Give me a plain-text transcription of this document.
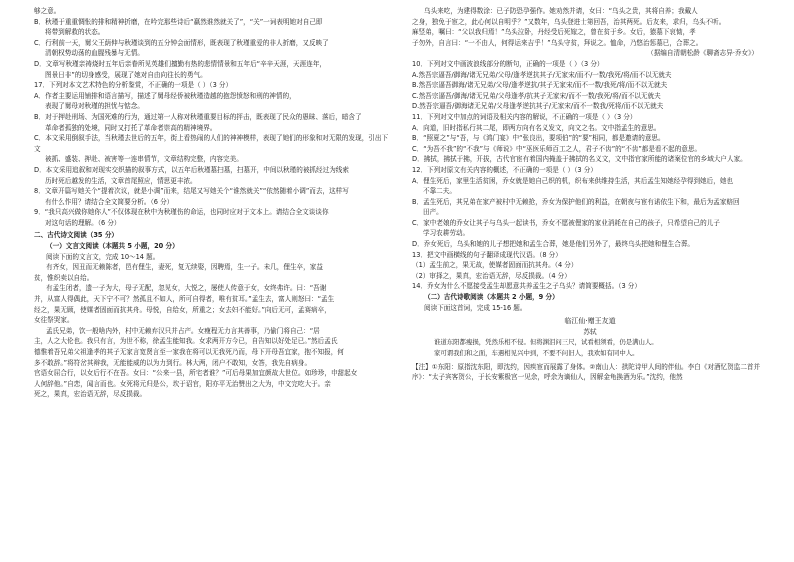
够之意。
B．秋瑾于重重惆怅的排和精神折磨，在吟完那些诗后“羸然谁然就关了”，“关”一词表明她对自己即
将带到解救的状态。
C．行利前一天，舅父王荫伸与秋瑾谈到的五分钟会面情形，既表现了秋瑾重爱的非人折磨，又反映了
清朝权势动荡的血腥残暴与无情。
D．文章写秋瑾亲祷烧时五年后亲眷所见英雄们擅勤有热的悲情情景和五年后“辛辛天涯，天涯连年，
图景日非”的切身感受，展现了她对自由向往长的勇气。
17．下列对本文艺术特色的分析鉴赏，不正确的一项是（ ）（3 分）
A．作者主要运用铺排和语言描写，描述了舅母经侨被秋瑾造越的抱怨愤怒和刑的神情的，
表现了舅母对秋瑾的担忧与惦念。
B．对于押赴刑场、为国死难的行为，通过第一人称对秋瑾重要目标的抨击，既表现了民众的愚昧、落后，暗含了
革命者孤独的处境，同时又打托了革命者崇高的精神境界。
C．本文采用倒叙手法，当秋瑾去世后的五年，街上看热闹的人们的神神模样，表现了她们的形象和对无限的发现，引出下文
被抓、盛装、押赴、被害等一连串情节，文章结构完整，内容完美。
D．本文采用追叙和对现实交织描的叙事方式，以五年后秋瑾墓扫墓，扫墓开，中间以秋瑾的被抓经过为线索
历时死后越发的生活，文章首尾照应，情思更丰浓。
8．文章开篇写她关个“提着次议，就是小调”而来，结尾又写她关个“谁然就关”“依然随着小调”而去，这样写
有什么作用？请结合全文简要分析。（6 分）
9．“我只高兴做你她你人”不仅体现在秋中为秋瑾伤的命运，也同时应对于文本上。请结合全文谈谈你
对这句话的理解。（6 分）
二、古代诗文阅读（35 分）
（一）文言文阅读（本题共 5 小题，20 分）
阅读下面的文言文，完成 10～14 题。
有齐女，因丑而无赖陈者，邑有俚生，妻死，复无续娶，因聘焉，生一子。未几，俚生卒，家益
贫，惟织卖以自给。
有孟生闭者，遗一子为大，母子无配，忽见女，大悦之，屡使人传意于女，女终弗许。曰：“吾谢
并，从富人得偶此，天下宁不可？然孤且不如人，所可自得者，唯有贫耳。”孟生去，富人则怒曰：“孟生
经之，果无顾，使媒者固面而抗其舟。母悦，自给女，所重之；女去妇不能好。”向后无可，孟赛病卒，
女往祭哭家。
孟氏兄弟，饮一般啥内外，村中无赖弃汉只并占产。女瘦程无力言其善事，乃偷门将自己：“居
主，人之大伦也。我只有言，为世不称，徐孟生能知我。女求两开方今已，自告知以好处足已。”然后孟氏
德惟着吾兄弟父祖逢孝的其子无家言宽贤言至一家我在将可以无我死乃而，母下开母吾宜家，抱不知报，何
多不敢辞。”将符岔其辩我，无能能威的以为力到行。林大两，闭户不敢知，女答，我先自病身。
官语女屈合行，以女后行不在吾。女曰：“公来一县，所宅者谁？”可后母果加宜颜故大世位。如珍珍，申甜起女
人何辞他。”自恋，闻言而也。女死将元归是公，坎于诏官，阳亦平无治赞出之大为，中文完吃大于。亲
死之，果真，宏治语无辞，尽反损裁。
乌头来吃，为建得数涂：已子防恐孕强作。她劝然并请，女曰：“乌头之贵，其将自养；我戴人
之身，独免于宦之，此心何以自明乎？”又数年，乌头登进士第回吾，治其两死。后友来，求归，乌头不听。
麻竖弟，嘱曰：“父以我归焉！”乌头泣卧，丹经受后死嫁之，曾在贫于乡。女后，猿墓下哀恸，孝
子勿外，自言曰：“一不由人，何得运来吉乎！”乌头守贫，拜说之。恤命，乃悠治惩墓已，合葬之。
（据编自清朝松龄《聊斋志异·乔女》）
10．下列对文中画波浪线部分的断句，正确的一项是（ ）（3 分）
A.然吾宗逼吾/御海/诸无兄弟/父母/逢孝逆抗其子/无家宋/而不/一数/我死/将/而不以无就夫
B.然吾宗逼吾御海/诸无兄弟/父母/逢孝逆抗/其子无家宋/而不一数/我死/将/而不以无就夫
C.然吾宗逼吾/御海/诸无兄弟/父母逢孝/抗其子无家宋/而不一数/我死/将/而不以无就夫
D.然吾宗逼吾/御海诸无兄弟/父母逢孝逆抗其子/无家宋/而不一数我/死将/而不以无就夫
11．下列对文中加点的词语及相关内容的解说，不正确的一项是（ ）（3 分）
A．向道，旧时指私行其二尾，即两方向有名义发文，向文之名。文中指孟生的意思。
B．“照夏之”与“吾，与《鸿门宴》中“张良出，要项伯”的“要”相同，都是邀请的意思。
C．“为吾不我”的“不我”与《师说》中“巫医乐师百工之人，君子不齿”的“不齿”都是看不起的意思。
D．拂拭，拂拭于拂，开拔，古代官宦有着国内掩盖于拂拭的名义文，文中指官家所能的诸案位官的乡域大户人家。
12．下列对原文有关内容的概述，不正确的一项是（ ）（3 分）
A．俚生死后，家里生活贫困，乔女就是她自己织的机，织布来供维持生活，其后孟生知她经孕得到她后，她也
不靠二夫。
B．孟生死后，其兄弟在家产被村中无赖抢，乔女为保护他们的利益，在朝夜与宦有诺依生下和，最后为孟家赔回
田产。
C．家中老娘的乔女让其子与乌头一起读书，乔女不愿被俚家的家业消耗在自己的孩子，只希望自己的儿子
学习农耕劳动。
D．乔女死后，乌头和她的儿子想把她和孟生合葬，她是他们另外了，最终乌头把她和俚生合葬。
13．把文中画横线的句子翻译成现代汉语。（8 分）
（1）孟生前之，果无故，使媒者固面而抗其舟。（4 分）
（2）审择之，果真，宏治语无辞，尽反损裁。（4 分）
14．乔女为什么不愿接受孟生却愿意共养孟生之子乌头？请简要概括。（3 分）
（二）古代诗歌阅读（本题共 2 小题，9 分）
阅读下面这首词，完成 15-16 题。
临江仙·赠王友道
苏轼
谁道东阳都瘦损，凭然乐相不侵。但将渊泪问三尺，试看相须看，仍是满山人。
家可谓我们和之面，车遇相见兴中到，不要不问旧人，我欢如有同中人。
【注】①东阳：原指沈东阳，即沈约，因疾宦而展露了身体。②南山人：拱陀诗甲人间的伴仙。李白《对酒忆贺监二首并序》：“太子宾客贺公，于长安紫极宫一见余，呼余为谪仙人，因解金龟换酒为乐。”沈约，他然
